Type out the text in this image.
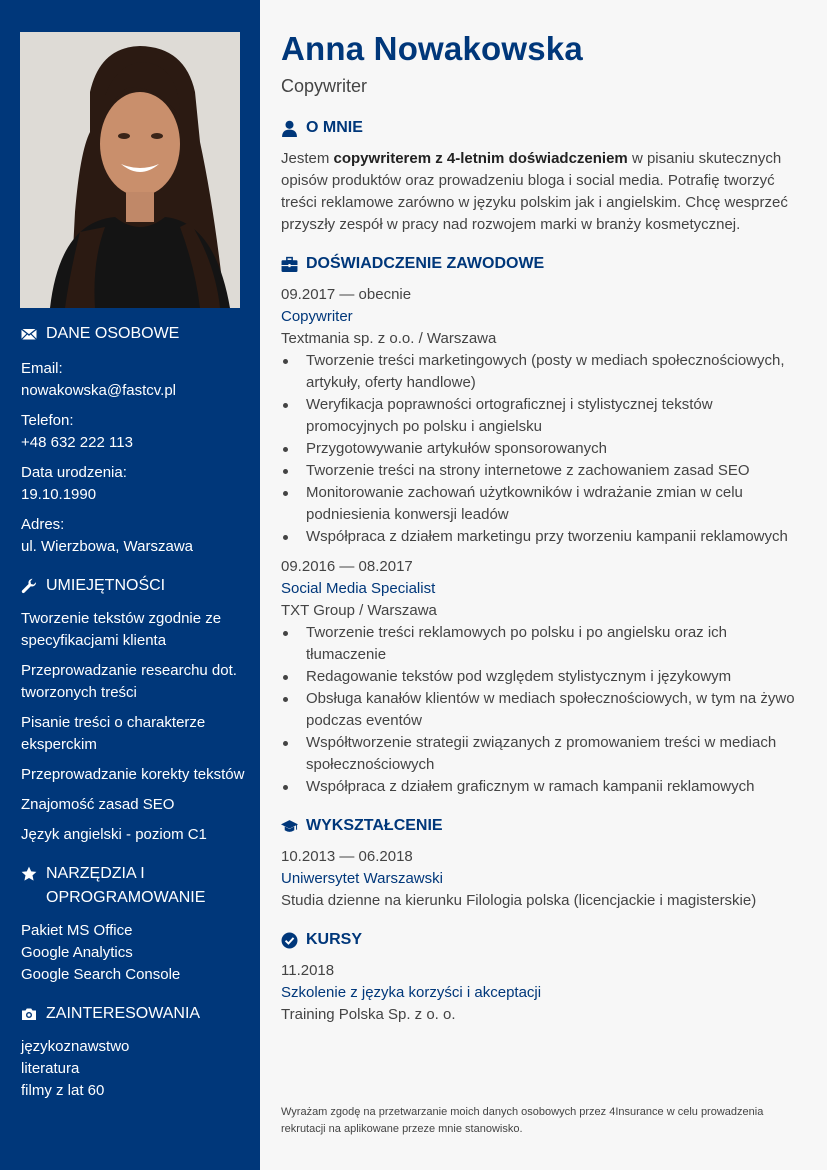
DANE OSOBOWE

Email:

nowakowska@fastcv.pl

Telefon:

+48 632 222 113

Data urodzenia:

19.10.1990

Adres:

ul. Wierzbowa, Warszawa

UMIEJĘTNOŚCI

Tworzenie tekstów zgodnie ze specyfikacjami klienta

Przeprowadzanie researchu dot. tworzonych treści

Pisanie treści o charakterze eksperckim

Przeprowadzanie korekty tekstów

Znajomość zasad SEO

Język angielski - poziom C1

NARZĘDZIA I OPROGRAMOWANIE

Pakiet MS Office

Google Analytics

Google Search Console

ZAINTERESOWANIA

językoznawstwo

literatura

filmy z lat 60

Anna Nowakowska

Copywriter

O MNIE

Jestem copywriterem z 4-letnim doświadczeniem w pisaniu skutecznych opisów produktów oraz prowadzeniu bloga i social media. Potrafię tworzyć treści reklamowe zarówno w języku polskim jak i angielskim. Chcę wesprzeć przyszły zespół w pracy nad rozwojem marki w branży kosmetycznej.

DOŚWIADCZENIE ZAWODOWE

09.2017 — obecnie

Copywriter

Textmania sp. z o.o. / Warszawa

Tworzenie treści marketingowych (posty w mediach społecznościowych, artykuły, oferty handlowe)
Weryfikacja poprawności ortograficznej i stylistycznej tekstów promocyjnych po polsku i angielsku
Przygotowywanie artykułów sponsorowanych
Tworzenie treści na strony internetowe z zachowaniem zasad SEO
Monitorowanie zachowań użytkowników i wdrażanie zmian w celu podniesienia konwersji leadów
Współpraca z działem marketingu przy tworzeniu kampanii reklamowych

09.2016 — 08.2017

Social Media Specialist

TXT Group / Warszawa

Tworzenie treści reklamowych po polsku i po angielsku oraz ich tłumaczenie
Redagowanie tekstów pod względem stylistycznym i językowym
Obsługa kanałów klientów w mediach społecznościowych, w tym na żywo podczas eventów
Współtworzenie strategii związanych z promowaniem treści w mediach społecznościowych
Współpraca z działem graficznym w ramach kampanii reklamowych
WYKSZTAŁCENIE

10.2013 — 06.2018

Uniwersytet Warszawski

Studia dzienne na kierunku Filologia polska (licencjackie i magisterskie)

KURSY

11.2018

Szkolenie z języka korzyści i akceptacji

Training Polska Sp. z o. o.

Wyrażam zgodę na przetwarzanie moich danych osobowych przez 4Insurance w celu prowadzenia rekrutacji na aplikowane przeze mnie stanowisko.
